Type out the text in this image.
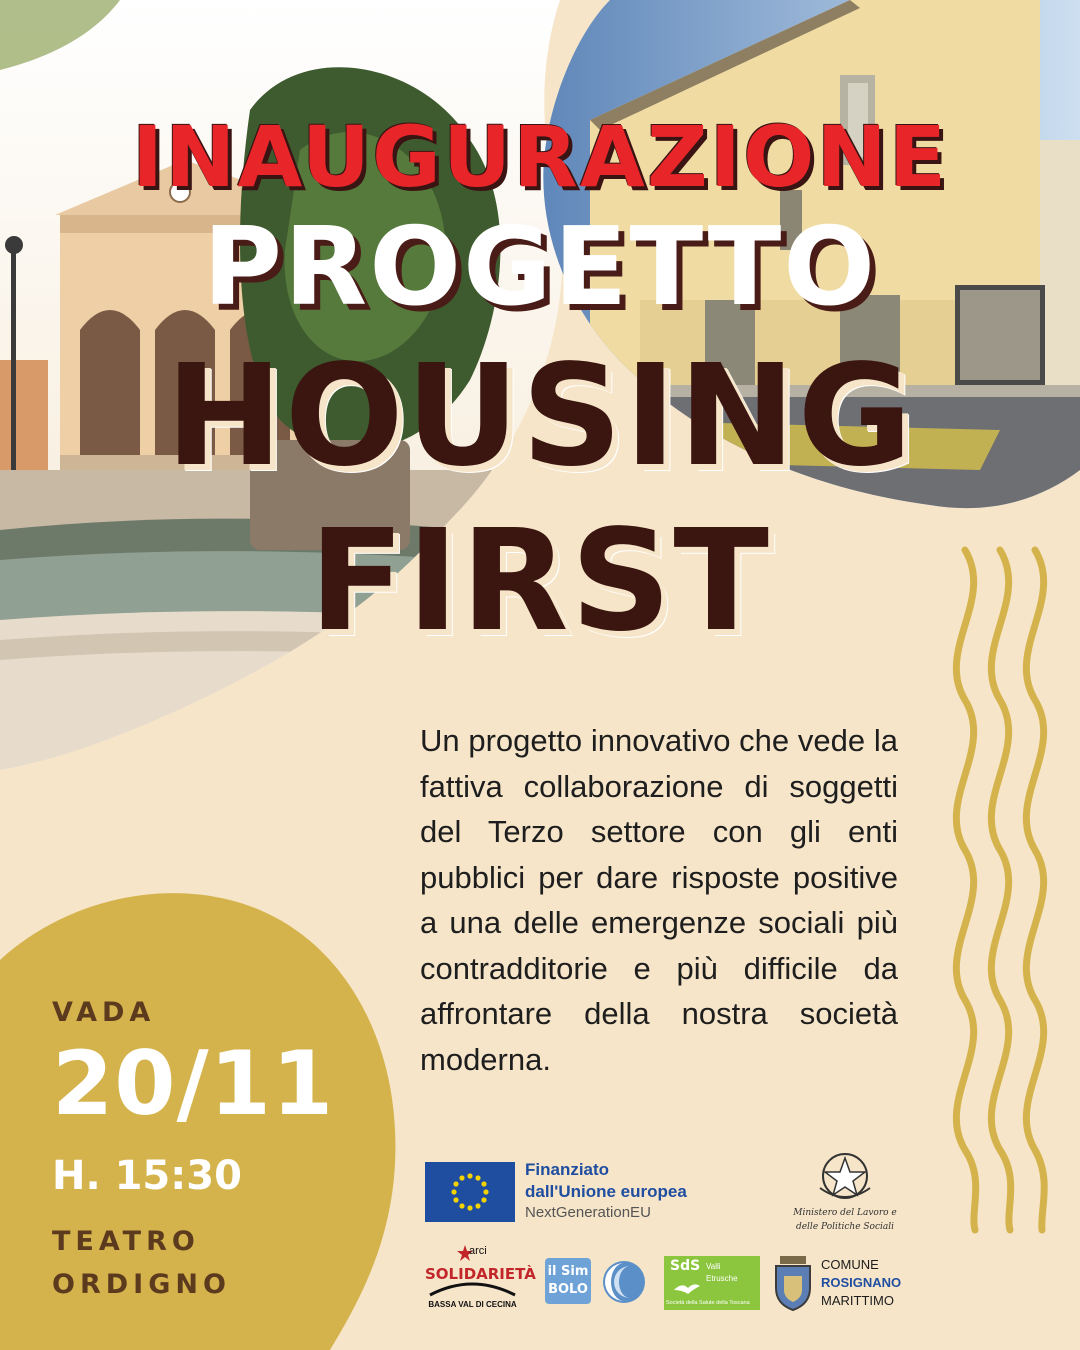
INAUGURAZIONE
PROGETTO
HOUSING
FIRST

Un progetto innovativo che vede la fattiva collaborazione di soggetti del Terzo settore con gli enti pubblici per dare risposte positive a una delle emergenze sociali più contradditorie e più difficile da affrontare della nostra società moderna.

VADA

20/11

H. 15:30

TEATRO

ORDIGNO

Finanziato

dall'Unione europea

NextGenerationEU	Ministero del Lavoro e

delle Politiche Sociali

arci

SOLIDARIETÀ

BASSA VAL DI CECINA

il Sim

BOLO

SdS Valli

Etrusche

Società della Salute della Toscana

COMUNE

ROSIGNANO

MARITTIMO
